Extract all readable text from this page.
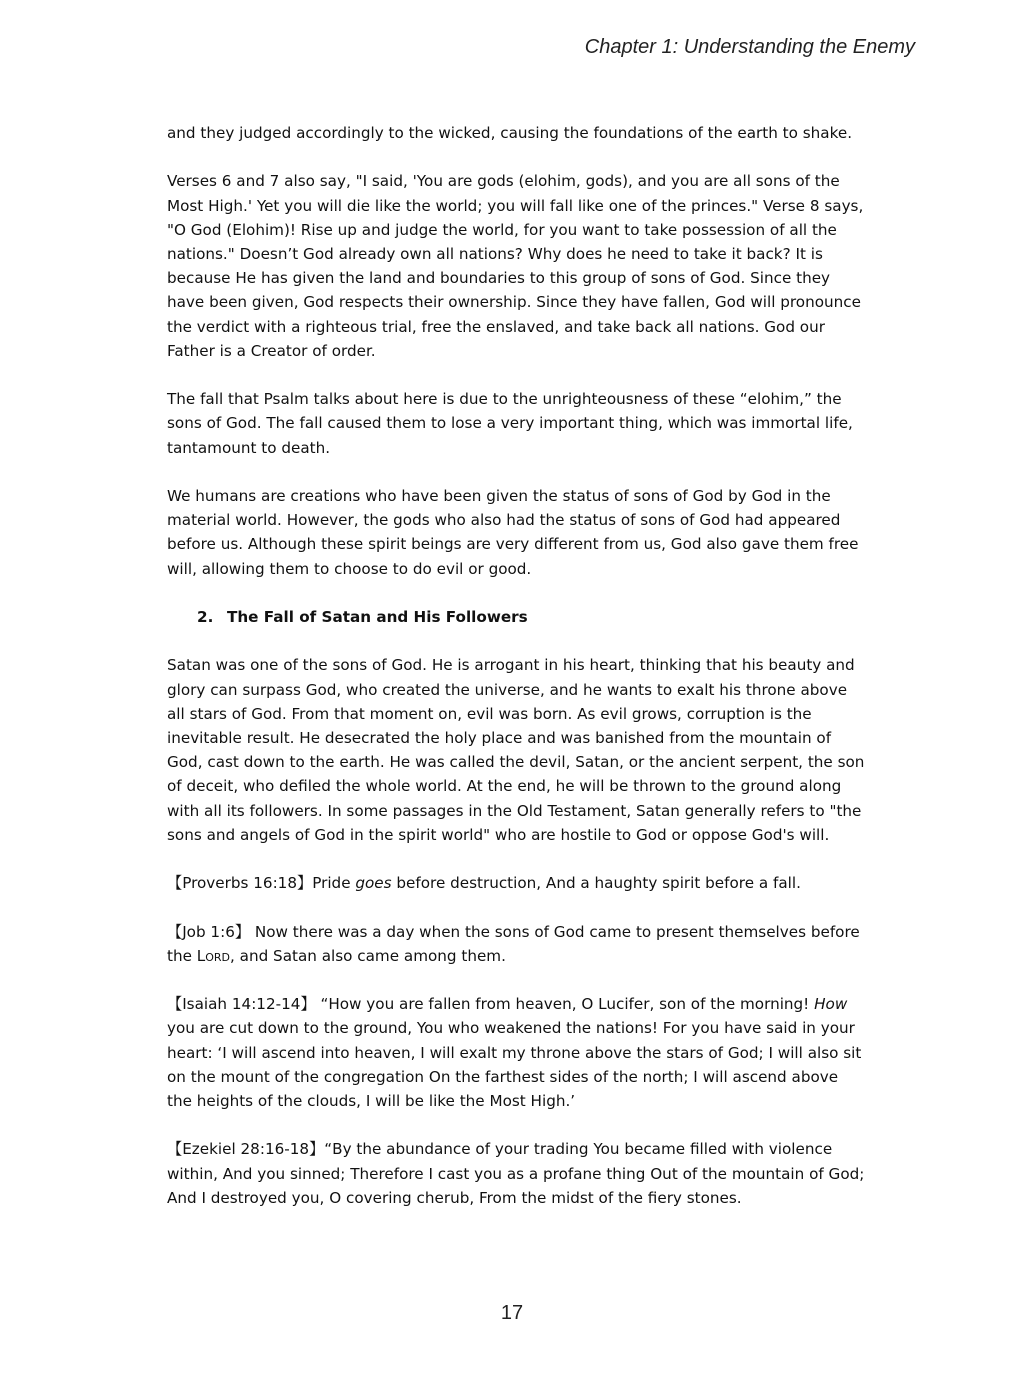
Chapter 1: Understanding the Enemy

and they judged accordingly to the wicked, causing the foundations of the earth to shake.

Verses 6 and 7 also say, "I said, 'You are gods (elohim, gods), and you are all sons of the Most High.' Yet you will die like the world; you will fall like one of the princes." Verse 8 says, "O God (Elohim)! Rise up and judge the world, for you want to take possession of all the nations." Doesn’t God already own all nations? Why does he need to take it back? It is because He has given the land and boundaries to this group of sons of God. Since they have been given, God respects their ownership. Since they have fallen, God will pronounce the verdict with a righteous trial, free the enslaved, and take back all nations. God our Father is a Creator of order.

The fall that Psalm talks about here is due to the unrighteousness of these “elohim,” the sons of God. The fall caused them to lose a very important thing, which was immortal life, tantamount to death.

We humans are creations who have been given the status of sons of God by God in the material world. However, the gods who also had the status of sons of God had appeared before us. Although these spirit beings are very different from us, God also gave them free will, allowing them to choose to do evil or good.

2. The Fall of Satan and His Followers

Satan was one of the sons of God. He is arrogant in his heart, thinking that his beauty and glory can surpass God, who created the universe, and he wants to exalt his throne above all stars of God. From that moment on, evil was born. As evil grows, corruption is the inevitable result. He desecrated the holy place and was banished from the mountain of God, cast down to the earth. He was called the devil, Satan, or the ancient serpent, the son of deceit, who defiled the whole world. At the end, he will be thrown to the ground along with all its followers. In some passages in the Old Testament, Satan generally refers to "the sons and angels of God in the spirit world" who are hostile to God or oppose God's will.

【Proverbs 16:18】Pride goes before destruction, And a haughty spirit before a fall.

【Job 1:6】 Now there was a day when the sons of God came to present themselves before the Lord, and Satan also came among them.

【Isaiah 14:12-14】 “How you are fallen from heaven, O Lucifer, son of the morning! How you are cut down to the ground, You who weakened the nations! For you have said in your heart: ‘I will ascend into heaven, I will exalt my throne above the stars of God; I will also sit on the mount of the congregation On the farthest sides of the north; I will ascend above the heights of the clouds, I will be like the Most High.’

【Ezekiel 28:16-18】“By the abundance of your trading You became filled with violence within, And you sinned; Therefore I cast you as a profane thing Out of the mountain of God; And I destroyed you, O covering cherub, From the midst of the fiery stones.

17
